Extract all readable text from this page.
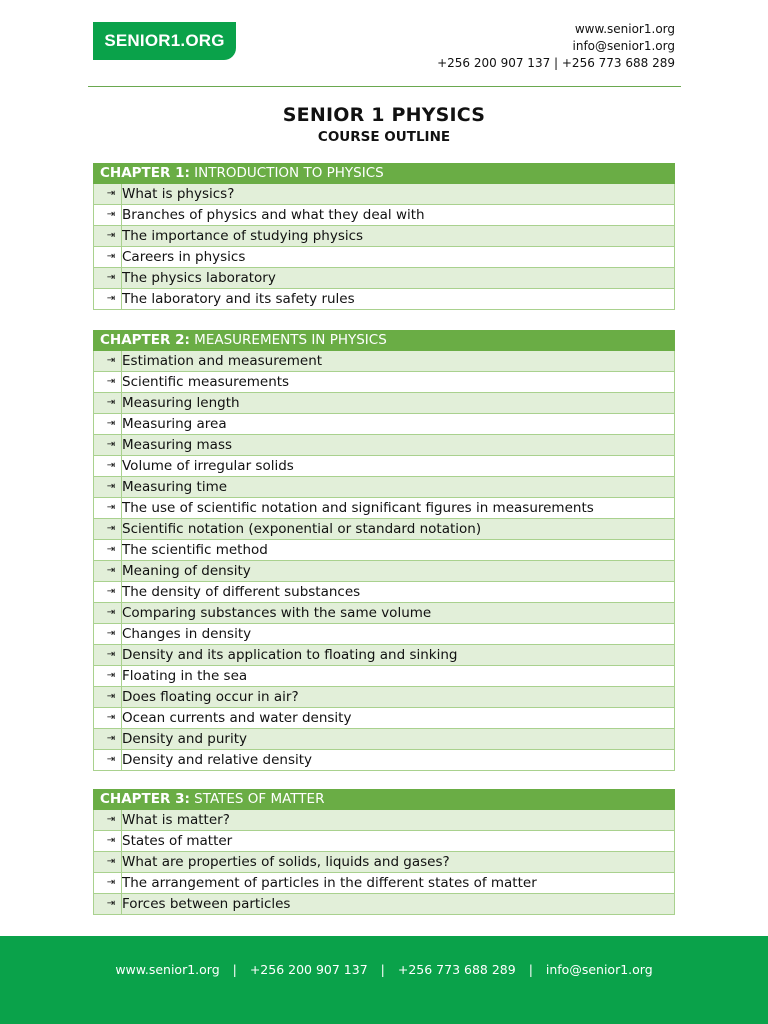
SENIOR1.ORG
www.senior1.org
info@senior1.org
+256 200 907 137 | +256 773 688 289
SENIOR 1 PHYSICS
COURSE OUTLINE
CHAPTER 1: INTRODUCTION TO PHYSICS
⇥ What is physics?
⇥ Branches of physics and what they deal with
⇥ The importance of studying physics
⇥ Careers in physics
⇥ The physics laboratory
⇥ The laboratory and its safety rules
CHAPTER 2: MEASUREMENTS IN PHYSICS
⇥ Estimation and measurement
⇥ Scientific measurements
⇥ Measuring length
⇥ Measuring area
⇥ Measuring mass
⇥ Volume of irregular solids
⇥ Measuring time
⇥ The use of scientific notation and significant figures in measurements
⇥ Scientific notation (exponential or standard notation)
⇥ The scientific method
⇥ Meaning of density
⇥ The density of different substances
⇥ Comparing substances with the same volume
⇥ Changes in density
⇥ Density and its application to floating and sinking
⇥ Floating in the sea
⇥ Does floating occur in air?
⇥ Ocean currents and water density
⇥ Density and purity
⇥ Density and relative density
CHAPTER 3: STATES OF MATTER
⇥ What is matter?
⇥ States of matter
⇥ What are properties of solids, liquids and gases?
⇥ The arrangement of particles in the different states of matter
⇥ Forces between particles
www.senior1.org | +256 200 907 137 | +256 773 688 289 | info@senior1.org
